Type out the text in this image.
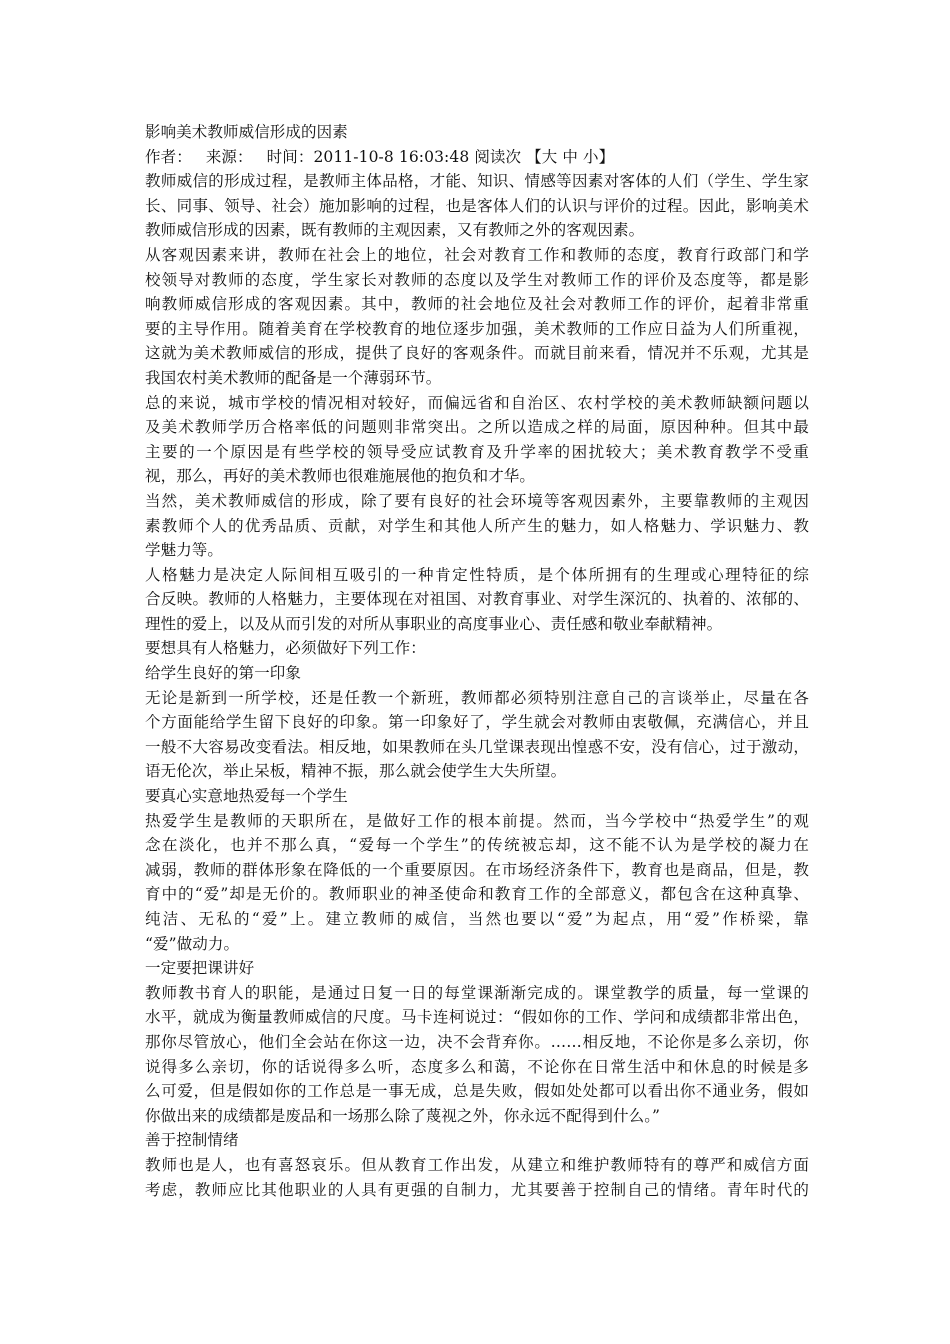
影响美术教师威信形成的因素
作者： 来源： 时间：2011-10-8 16:03:48 阅读次 【大 中 小】
教师威信的形成过程，是教师主体品格，才能、知识、情感等因素对客体的人们（学生、学生家
长、同事、领导、社会）施加影响的过程，也是客体人们的认识与评价的过程。因此，影响美术
教师威信形成的因素，既有教师的主观因素，又有教师之外的客观因素。
从客观因素来讲，教师在社会上的地位，社会对教育工作和教师的态度，教育行政部门和学
校领导对教师的态度，学生家长对教师的态度以及学生对教师工作的评价及态度等，都是影
响教师威信形成的客观因素。其中，教师的社会地位及社会对教师工作的评价，起着非常重
要的主导作用。随着美育在学校教育的地位逐步加强，美术教师的工作应日益为人们所重视，
这就为美术教师威信的形成，提供了良好的客观条件。而就目前来看，情况并不乐观，尤其是
我国农村美术教师的配备是一个薄弱环节。
总的来说，城市学校的情况相对较好，而偏远省和自治区、农村学校的美术教师缺额问题以
及美术教师学历合格率低的问题则非常突出。之所以造成之样的局面，原因种种。但其中最
主要的一个原因是有些学校的领导受应试教育及升学率的困扰较大；美术教育教学不受重
视，那么，再好的美术教师也很难施展他的抱负和才华。
当然，美术教师威信的形成，除了要有良好的社会环境等客观因素外，主要靠教师的主观因
素教师个人的优秀品质、贡献，对学生和其他人所产生的魅力，如人格魅力、学识魅力、教
学魅力等。
人格魅力是决定人际间相互吸引的一种肯定性特质，是个体所拥有的生理或心理特征的综
合反映。教师的人格魅力，主要体现在对祖国、对教育事业、对学生深沉的、执着的、浓郁的、
理性的爱上，以及从而引发的对所从事职业的高度事业心、责任感和敬业奉献精神。
要想具有人格魅力，必须做好下列工作：
给学生良好的第一印象
无论是新到一所学校，还是任教一个新班，教师都必须特别注意自己的言谈举止，尽量在各
个方面能给学生留下良好的印象。第一印象好了，学生就会对教师由衷敬佩，充满信心，并且
一般不大容易改变看法。相反地，如果教师在头几堂课表现出惶惑不安，没有信心，过于激动，
语无伦次，举止呆板，精神不振，那么就会使学生大失所望。
要真心实意地热爱每一个学生
热爱学生是教师的天职所在，是做好工作的根本前提。然而，当今学校中“热爱学生”的观
念在淡化，也并不那么真，“爱每一个学生”的传统被忘却，这不能不认为是学校的凝力在
减弱，教师的群体形象在降低的一个重要原因。在市场经济条件下，教育也是商品，但是，教
育中的“爱”却是无价的。教师职业的神圣使命和教育工作的全部意义，都包含在这种真挚、
纯洁、无私的“爱”上。建立教师的威信，当然也要以“爱”为起点，用“爱”作桥梁，靠
“爱”做动力。
一定要把课讲好
教师教书育人的职能，是通过日复一日的每堂课渐渐完成的。课堂教学的质量，每一堂课的
水平，就成为衡量教师威信的尺度。马卡连柯说过：“假如你的工作、学问和成绩都非常出色，
那你尽管放心，他们全会站在你这一边，决不会背弃你。……相反地，不论你是多么亲切，你
说得多么亲切，你的话说得多么听，态度多么和蔼，不论你在日常生活中和休息的时候是多
么可爱，但是假如你的工作总是一事无成，总是失败，假如处处都可以看出你不通业务，假如
你做出来的成绩都是废品和一场那么除了蔑视之外，你永远不配得到什么。”
善于控制情绪
教师也是人，也有喜怒哀乐。但从教育工作出发，从建立和维护教师特有的尊严和威信方面
考虑，教师应比其他职业的人具有更强的自制力，尤其要善于控制自己的情绪。青年时代的
